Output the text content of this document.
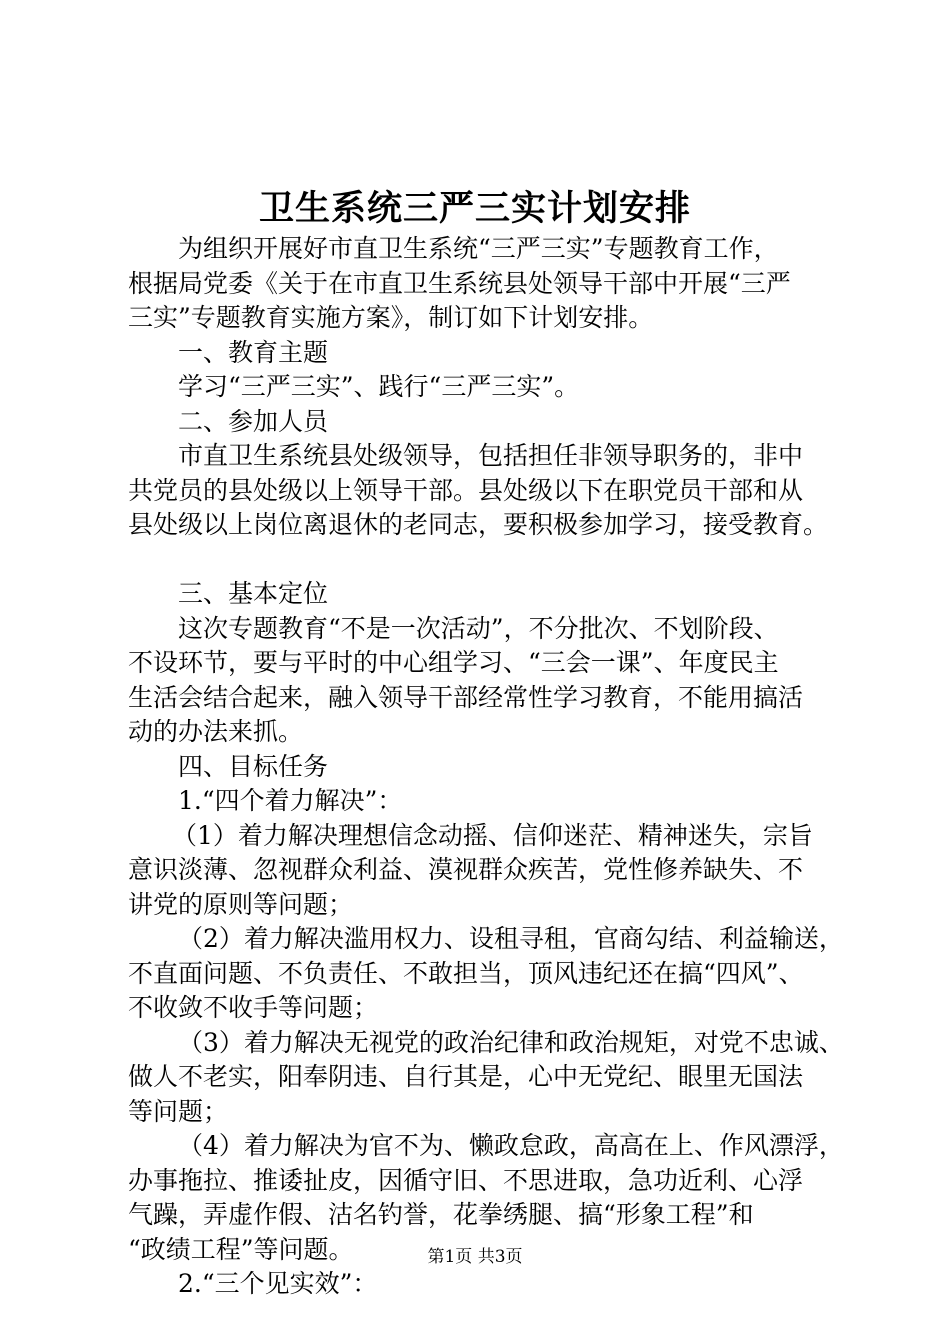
卫生系统三严三实计划安排
为组织开展好市直卫生系统“三严三实”专题教育工作，
根据局党委《关于在市直卫生系统县处领导干部中开展“三严
三实”专题教育实施方案》，制订如下计划安排。
一、教育主题
学习“三严三实”、践行“三严三实”。
二、参加人员
市直卫生系统县处级领导，包括担任非领导职务的，非中
共党员的县处级以上领导干部。县处级以下在职党员干部和从
县处级以上岗位离退休的老同志，要积极参加学习，接受教育。
三、基本定位
这次专题教育“不是一次活动”，不分批次、不划阶段、
不设环节，要与平时的中心组学习、“三会一课”、年度民主
生活会结合起来，融入领导干部经常性学习教育，不能用搞活
动的办法来抓。
四、目标任务
1.“四个着力解决”：
（1）着力解决理想信念动摇、信仰迷茫、精神迷失，宗旨
意识淡薄、忽视群众利益、漠视群众疾苦，党性修养缺失、不
讲党的原则等问题；
（2）着力解决滥用权力、设租寻租，官商勾结、利益输送，
不直面问题、不负责任、不敢担当，顶风违纪还在搞“四风”、
不收敛不收手等问题；
（3）着力解决无视党的政治纪律和政治规矩，对党不忠诚、
做人不老实，阳奉阴违、自行其是，心中无党纪、眼里无国法
等问题；
（4）着力解决为官不为、懒政怠政，高高在上、作风漂浮，
办事拖拉、推诿扯皮，因循守旧、不思进取，急功近利、心浮
气躁，弄虚作假、沽名钓誉，花拳绣腿、搞“形象工程”和
“政绩工程”等问题。
2.“三个见实效”：
第1页 共3页
